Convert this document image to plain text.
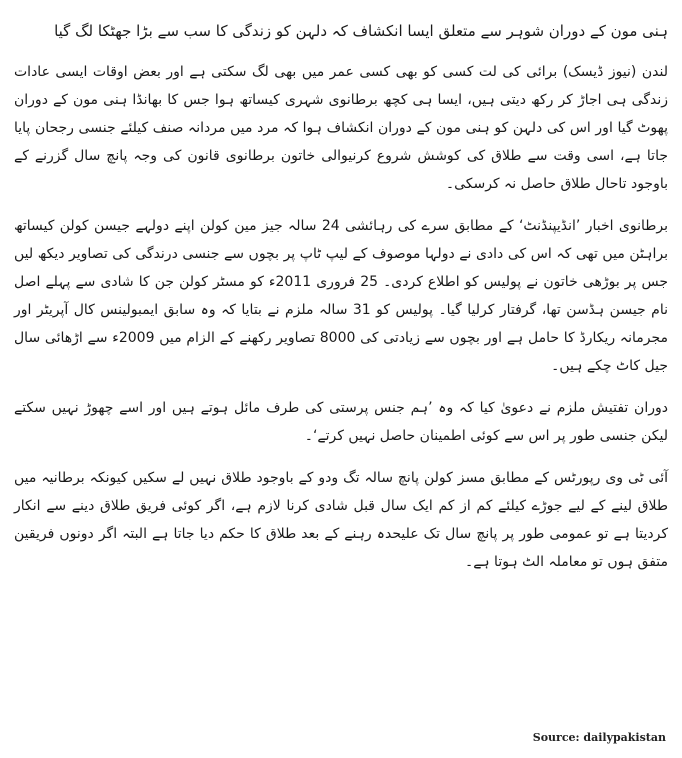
ہنی مون کے دوران شوہر سے متعلق ایسا انکشاف کہ دلہن کو زندگی کا سب سے بڑا جھٹکا لگ گیا

لندن (نیوز ڈیسک) برائی کی لت کسی کو بھی کسی عمر میں بھی لگ سکتی ہے اور بعض اوقات ایسی عادات زندگی ہی اجاڑ کر رکھ دیتی ہیں، ایسا ہی کچھ برطانوی شہری کیساتھ ہوا جس کا بھانڈا ہنی مون کے دوران پھوٹ گیا اور اس کی دلہن کو ہنی مون کے دوران انکشاف ہوا کہ مرد میں مردانہ صنف کیلئے جنسی رجحان پایا جاتا ہے، اسی وقت سے طلاق کی کوشش شروع کرنیوالی خاتون برطانوی قانون کی وجہ پانچ سال گزرنے کے باوجود تاحال طلاق حاصل نہ کرسکی۔

برطانوی اخبار ’انڈیپنڈنٹ‘ کے مطابق سرے کی رہائشی 24 سالہ جیز مین کولن اپنے دولہے جیسن کولن کیساتھ براہٹن میں تھی کہ اس کی دادی نے دولہا موصوف کے لیپ ٹاپ پر بچوں سے جنسی درندگی کی تصاویر دیکھ لیں جس پر بوڑھی خاتون نے پولیس کو اطلاع کردی۔ 25 فروری 2011ء کو مسٹر کولن جن کا شادی سے پہلے اصل نام جیسن ہڈسن تھا، گرفتار کرلیا گیا۔ پولیس کو 31 سالہ ملزم نے بتایا کہ وہ سابق ایمبولینس کال آپریٹر اور مجرمانہ ریکارڈ کا حامل ہے اور بچوں سے زیادتی کی 8000 تصاویر رکھنے کے الزام میں 2009ء سے اڑھائی سال جیل کاٹ چکے ہیں۔

دوران تفتیش ملزم نے دعویٰ کیا کہ وہ ’ہم جنس پرستی کی طرف مائل ہوتے ہیں اور اسے چھوڑ نہیں سکتے لیکن جنسی طور پر اس سے کوئی اطمینان حاصل نہیں کرتے‘۔

آئی ٹی وی رپورٹس کے مطابق مسز کولن پانچ سالہ تگ ودو کے باوجود طلاق نہیں لے سکیں کیونکہ برطانیہ میں طلاق لینے کے لیے جوڑے کیلئے کم از کم ایک سال قبل شادی کرنا لازم ہے، اگر کوئی فریق طلاق دینے سے انکار کردیتا ہے تو عمومی طور پر پانچ سال تک علیحدہ رہنے کے بعد طلاق کا حکم دیا جاتا ہے البتہ اگر دونوں فریقین متفق ہوں تو معاملہ الٹ ہوتا ہے۔

Source: dailypakistan
